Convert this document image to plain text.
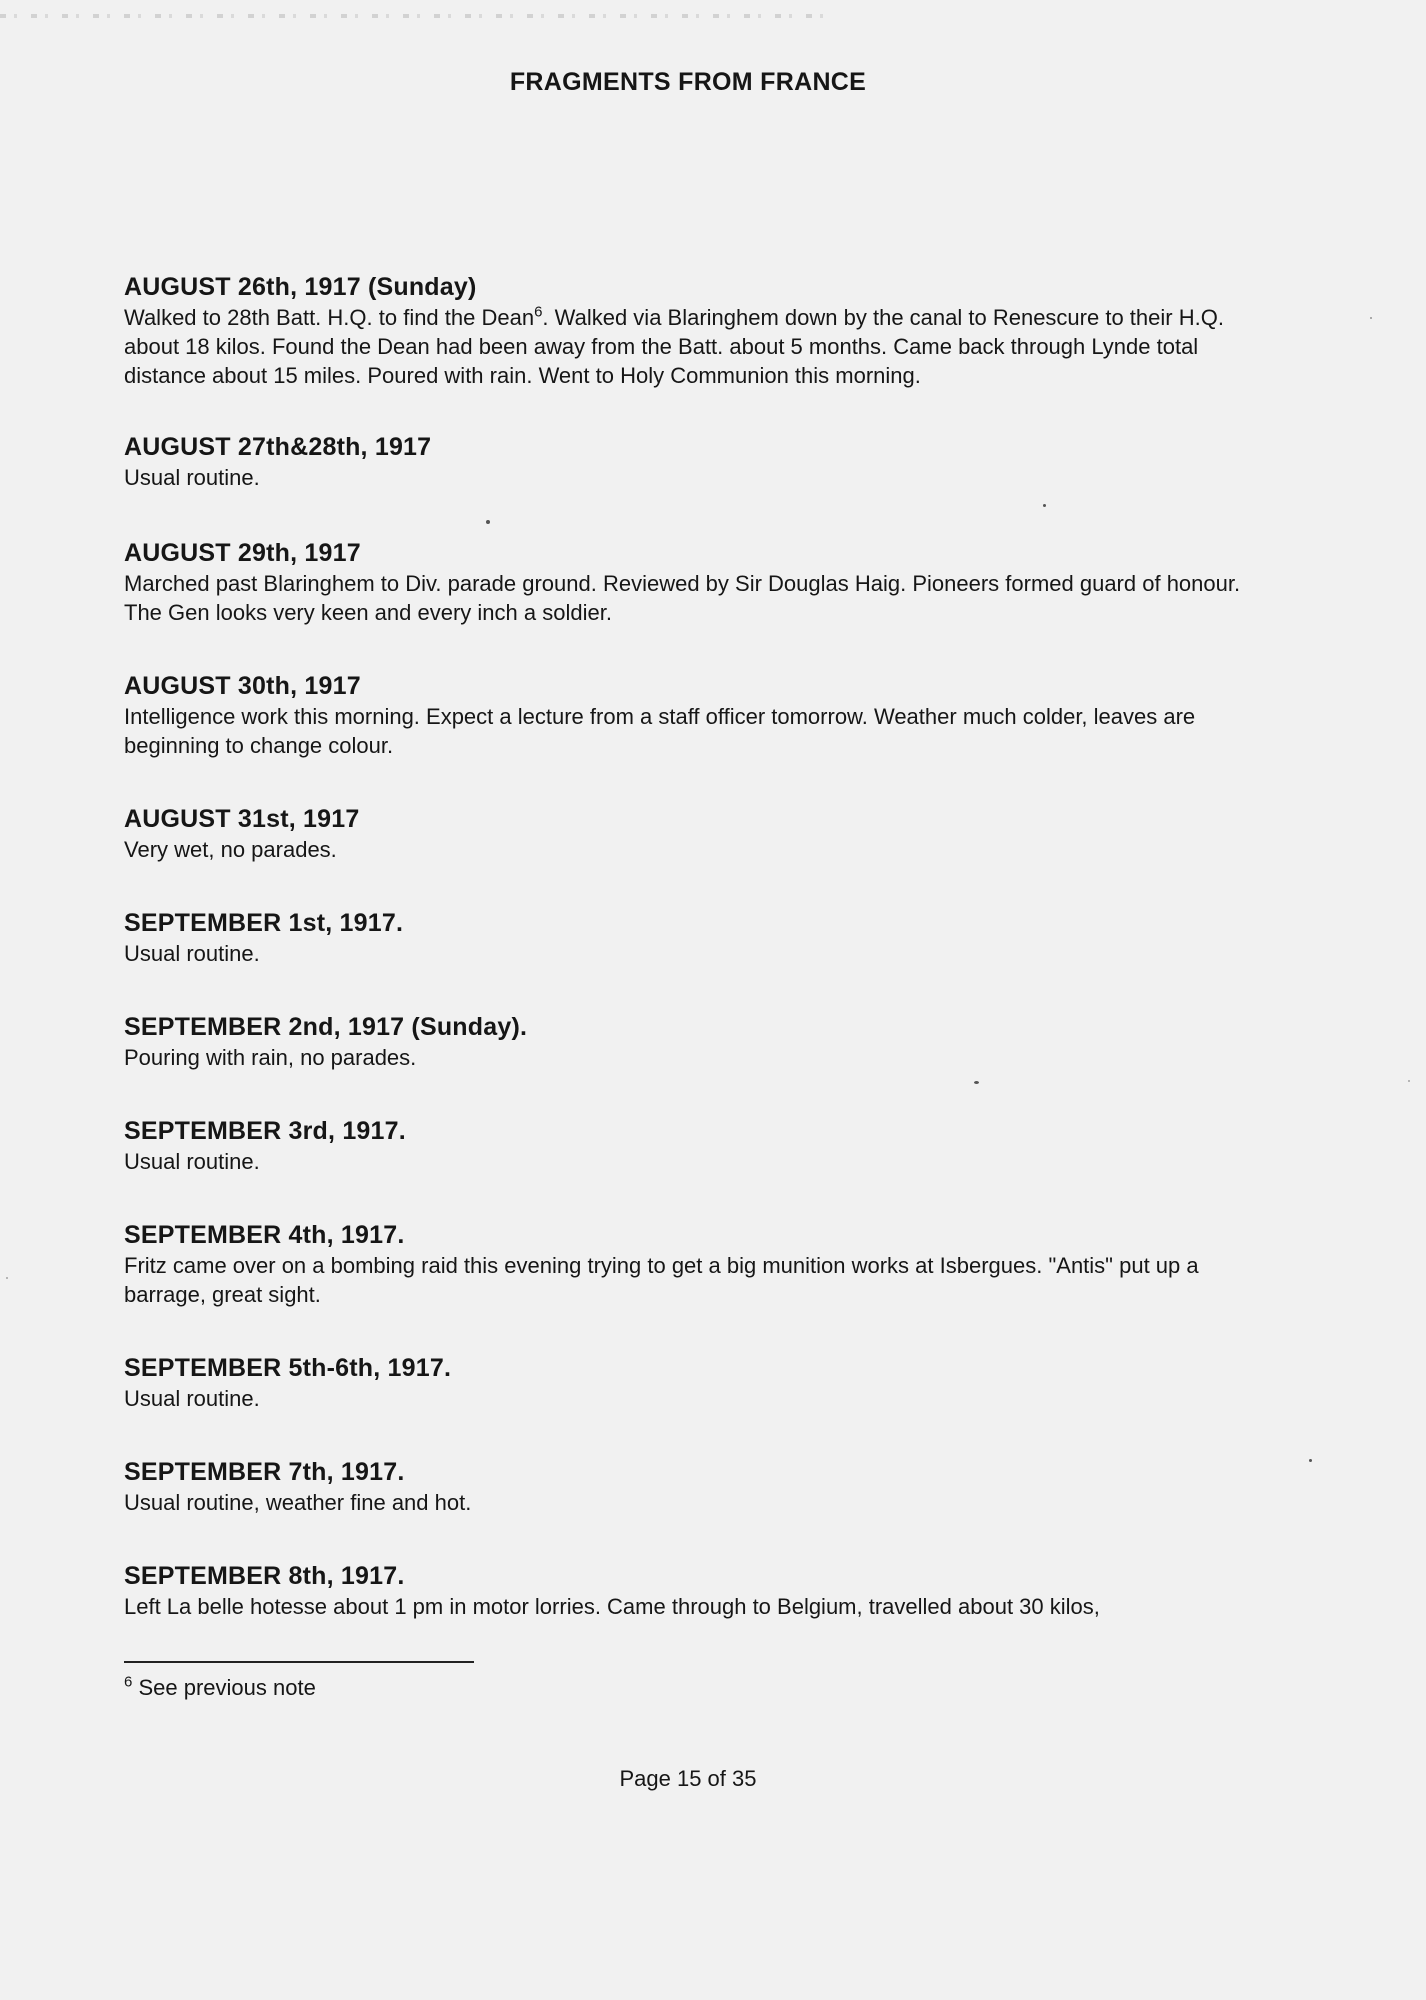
FRAGMENTS FROM FRANCE
AUGUST 26th, 1917 (Sunday)
Walked to 28th Batt. H.Q. to find the Dean$^6$. Walked via Blaringhem down by the canal to Renescure to their H.Q. about 18 kilos. Found the Dean had been away from the Batt. about 5 months. Came back through Lynde total distance about 15 miles. Poured with rain. Went to Holy Communion this morning.
AUGUST 27th&28th, 1917
Usual routine.
AUGUST 29th, 1917
Marched past Blaringhem to Div. parade ground. Reviewed by Sir Douglas Haig. Pioneers formed guard of honour. The Gen looks very keen and every inch a soldier.
AUGUST 30th, 1917
Intelligence work this morning. Expect a lecture from a staff officer tomorrow. Weather much colder, leaves are beginning to change colour.
AUGUST 31st, 1917
Very wet, no parades.
SEPTEMBER 1st, 1917.
Usual routine.
SEPTEMBER 2nd, 1917 (Sunday).
Pouring with rain, no parades.
SEPTEMBER 3rd, 1917.
Usual routine.
SEPTEMBER 4th, 1917.
Fritz came over on a bombing raid this evening trying to get a big munition works at Isbergues. "Antis" put up a barrage, great sight.
SEPTEMBER 5th-6th, 1917.
Usual routine.
SEPTEMBER 7th, 1917.
Usual routine, weather fine and hot.
SEPTEMBER 8th, 1917.
Left La belle hotesse about 1 pm in motor lorries. Came through to Belgium, travelled about 30 kilos,
$^6$ See previous note
Page 15 of 35
